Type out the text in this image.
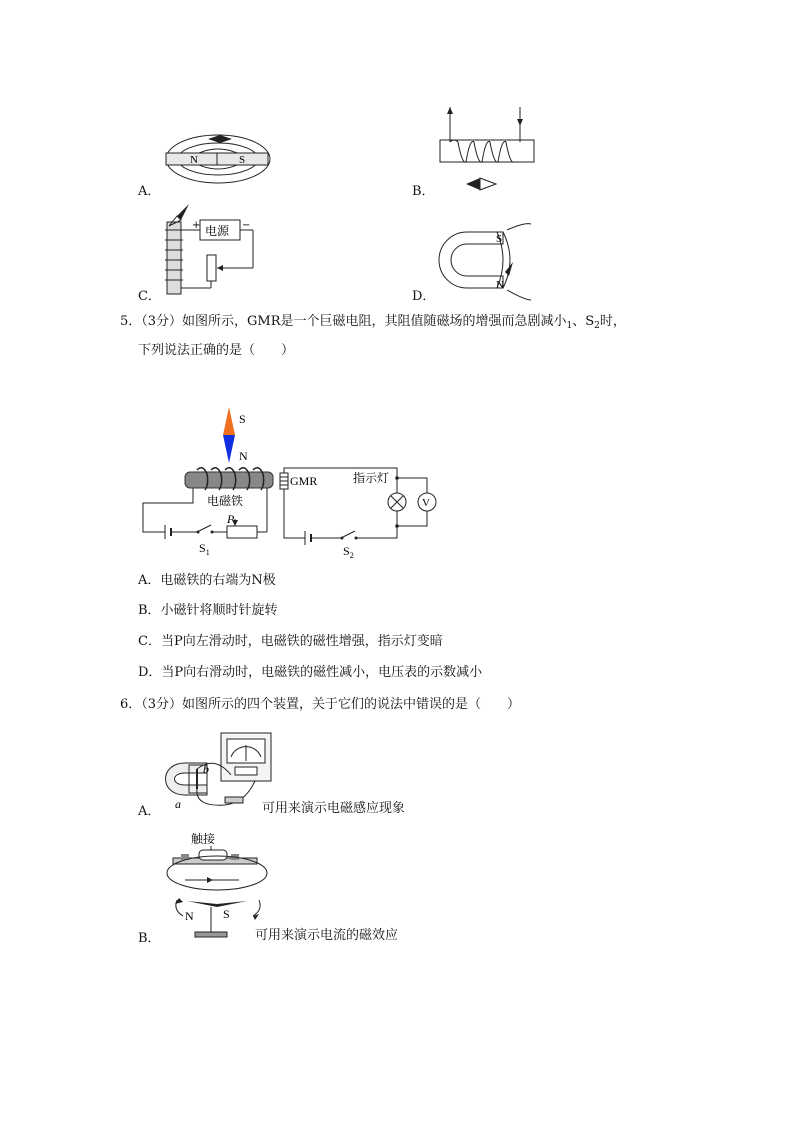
N	S
A．	B．
电源
+	−
C．
S
N
D．
5．（3分）如图所示，GMR是一个巨磁电阻，其阻值随磁场的增强而急剧减小$_1$、$S_2$时，
下列说法正确的是（　　）
S
N
电磁铁
P
$S_1$
GMR
$S_2$
指示灯
V
A．电磁铁的右端为N极
B．小磁针将顺时针旋转
C．当P向左滑动时，电磁铁的磁性增强，指示灯变暗
D．当P向右滑动时，电磁铁的磁性减小，电压表的示数减小
6．（3分）如图所示的四个装置，关于它们的说法中错误的是（　　）
b
a
A．	可用来演示电磁感应现象
触接
N S
B．	可用来演示电流的磁效应
